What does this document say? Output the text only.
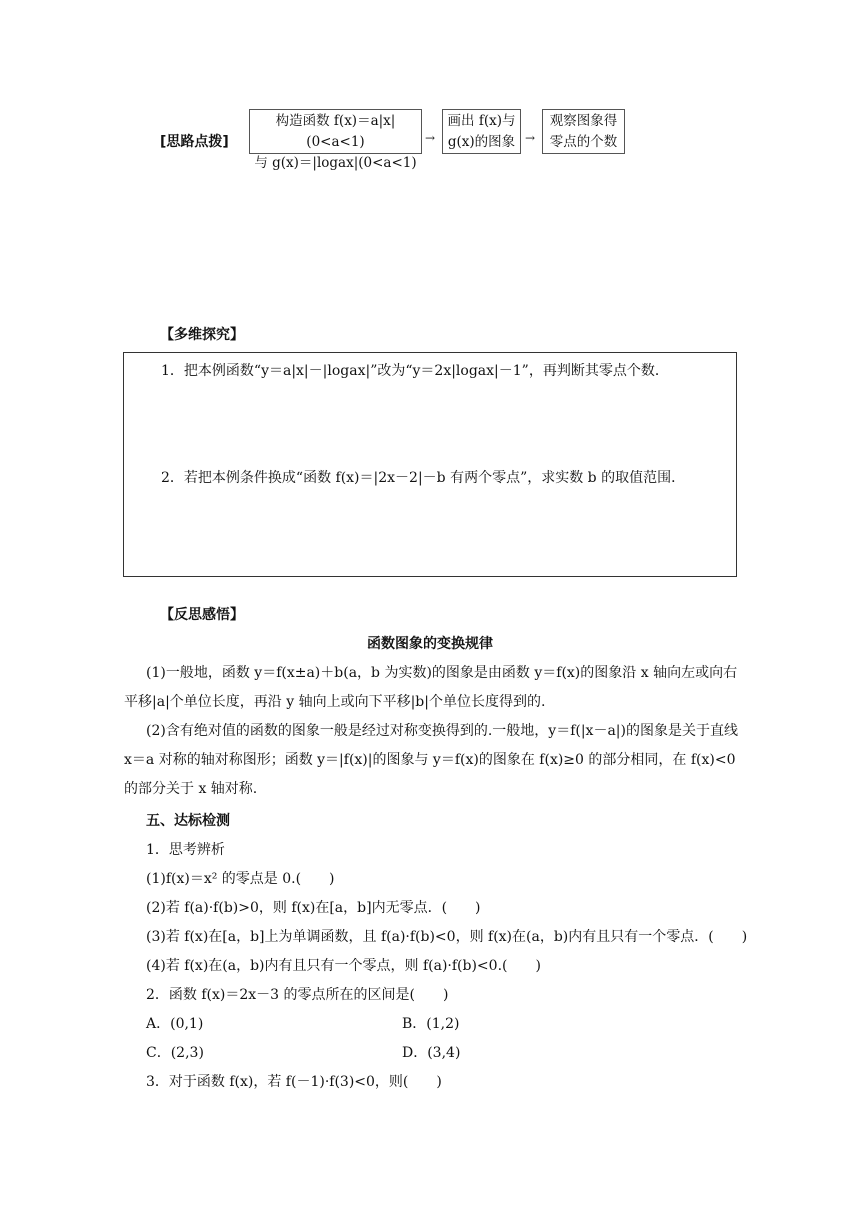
[思路点拨]
构造函数 f(x)＝a|x|(0<a<1)
与 g(x)＝|logax|(0<a<1)
→
画出 f(x)与
g(x)的图象 →
观察图象得
零点的个数
【多维探究】
1．把本例函数“y＝a|x|－|logax|”改为“y＝2x|logax|－1”，再判断其零点个数．
2．若把本例条件换成“函数 f(x)＝|2x－2|－b 有两个零点”，求实数 b 的取值范围．
【反思感悟】
函数图象的变换规律
(1)一般地，函数 y＝f(x±a)＋b(a，b 为实数)的图象是由函数 y＝f(x)的图象沿 x 轴向左或向右平移|a|个单位长度，再沿 y 轴向上或向下平移|b|个单位长度得到的.
(2)含有绝对值的函数的图象一般是经过对称变换得到的.一般地，y＝f(|x－a|)的图象是关于直线 x＝a 对称的轴对称图形；函数 y＝|f(x)|的图象与 y＝f(x)的图象在 f(x)≥0 的部分相同，在 f(x)<0 的部分关于 x 轴对称.
五、达标检测
1．思考辨析
(1)f(x)＝x² 的零点是 0.(　　)
(2)若 f(a)·f(b)>0，则 f(x)在[a，b]内无零点．(　　)
(3)若 f(x)在[a，b]上为单调函数，且 f(a)·f(b)<0，则 f(x)在(a，b)内有且只有一个零点．(　　)
(4)若 f(x)在(a，b)内有且只有一个零点，则 f(a)·f(b)<0.(　　)
2．函数 f(x)＝2x－3 的零点所在的区间是(　　)
A．(0,1)	B．(1,2)
C．(2,3)	D．(3,4)
3．对于函数 f(x)，若 f(－1)·f(3)<0，则(　　)
